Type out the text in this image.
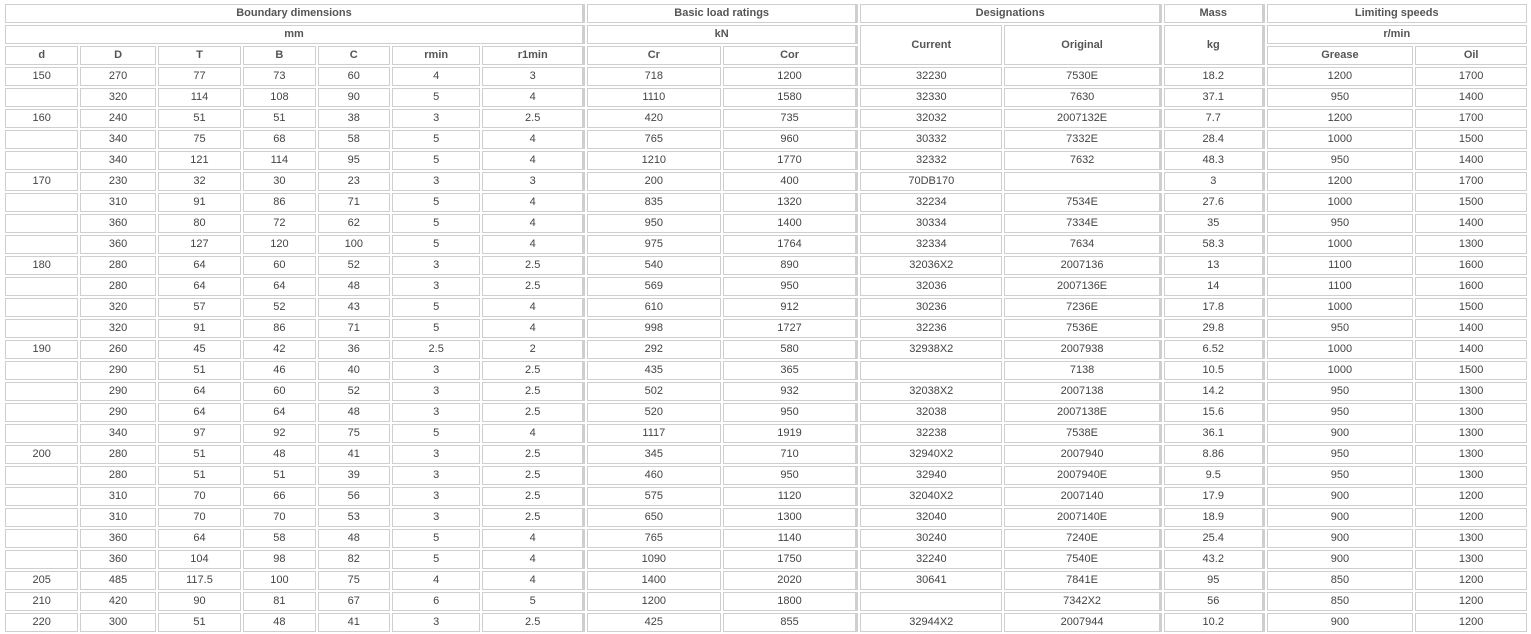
Boundary dimensions							Basic load ratings		Designations		Mass	Limiting speeds	
mm							kN		Current	Original	kg	r/min	
d	D	T	B	C	rmin	r1min	Cr	Cor				Grease	Oil
150	270	77	73	60	4	3	718	1200	32230	7530E	18.2	1200	1700
	320	114	108	90	5	4	1110	1580	32330	7630	37.1	950	1400
160	240	51	51	38	3	2.5	420	735	32032	2007132E	7.7	1200	1700
	340	75	68	58	5	4	765	960	30332	7332E	28.4	1000	1500
	340	121	114	95	5	4	1210	1770	32332	7632	48.3	950	1400
170	230	32	30	23	3	3	200	400	70DB170		3	1200	1700
	310	91	86	71	5	4	835	1320	32234	7534E	27.6	1000	1500
	360	80	72	62	5	4	950	1400	30334	7334E	35	950	1400
	360	127	120	100	5	4	975	1764	32334	7634	58.3	1000	1300
180	280	64	60	52	3	2.5	540	890	32036X2	2007136	13	1100	1600
	280	64	64	48	3	2.5	569	950	32036	2007136E	14	1100	1600
	320	57	52	43	5	4	610	912	30236	7236E	17.8	1000	1500
	320	91	86	71	5	4	998	1727	32236	7536E	29.8	950	1400
190	260	45	42	36	2.5	2	292	580	32938X2	2007938	6.52	1000	1400
	290	51	46	40	3	2.5	435	365		7138	10.5	1000	1500
	290	64	60	52	3	2.5	502	932	32038X2	2007138	14.2	950	1300
	290	64	64	48	3	2.5	520	950	32038	2007138E	15.6	950	1300
	340	97	92	75	5	4	1117	1919	32238	7538E	36.1	900	1300
200	280	51	48	41	3	2.5	345	710	32940X2	2007940	8.86	950	1300
	280	51	51	39	3	2.5	460	950	32940	2007940E	9.5	950	1300
	310	70	66	56	3	2.5	575	1120	32040X2	2007140	17.9	900	1200
	310	70	70	53	3	2.5	650	1300	32040	2007140E	18.9	900	1200
	360	64	58	48	5	4	765	1140	30240	7240E	25.4	900	1300
	360	104	98	82	5	4	1090	1750	32240	7540E	43.2	900	1300
205	485	117.5	100	75	4	4	1400	2020	30641	7841E	95	850	1200
210	420	90	81	67	6	5	1200	1800		7342X2	56	850	1200
220	300	51	48	41	3	2.5	425	855	32944X2	2007944	10.2	900	1200
